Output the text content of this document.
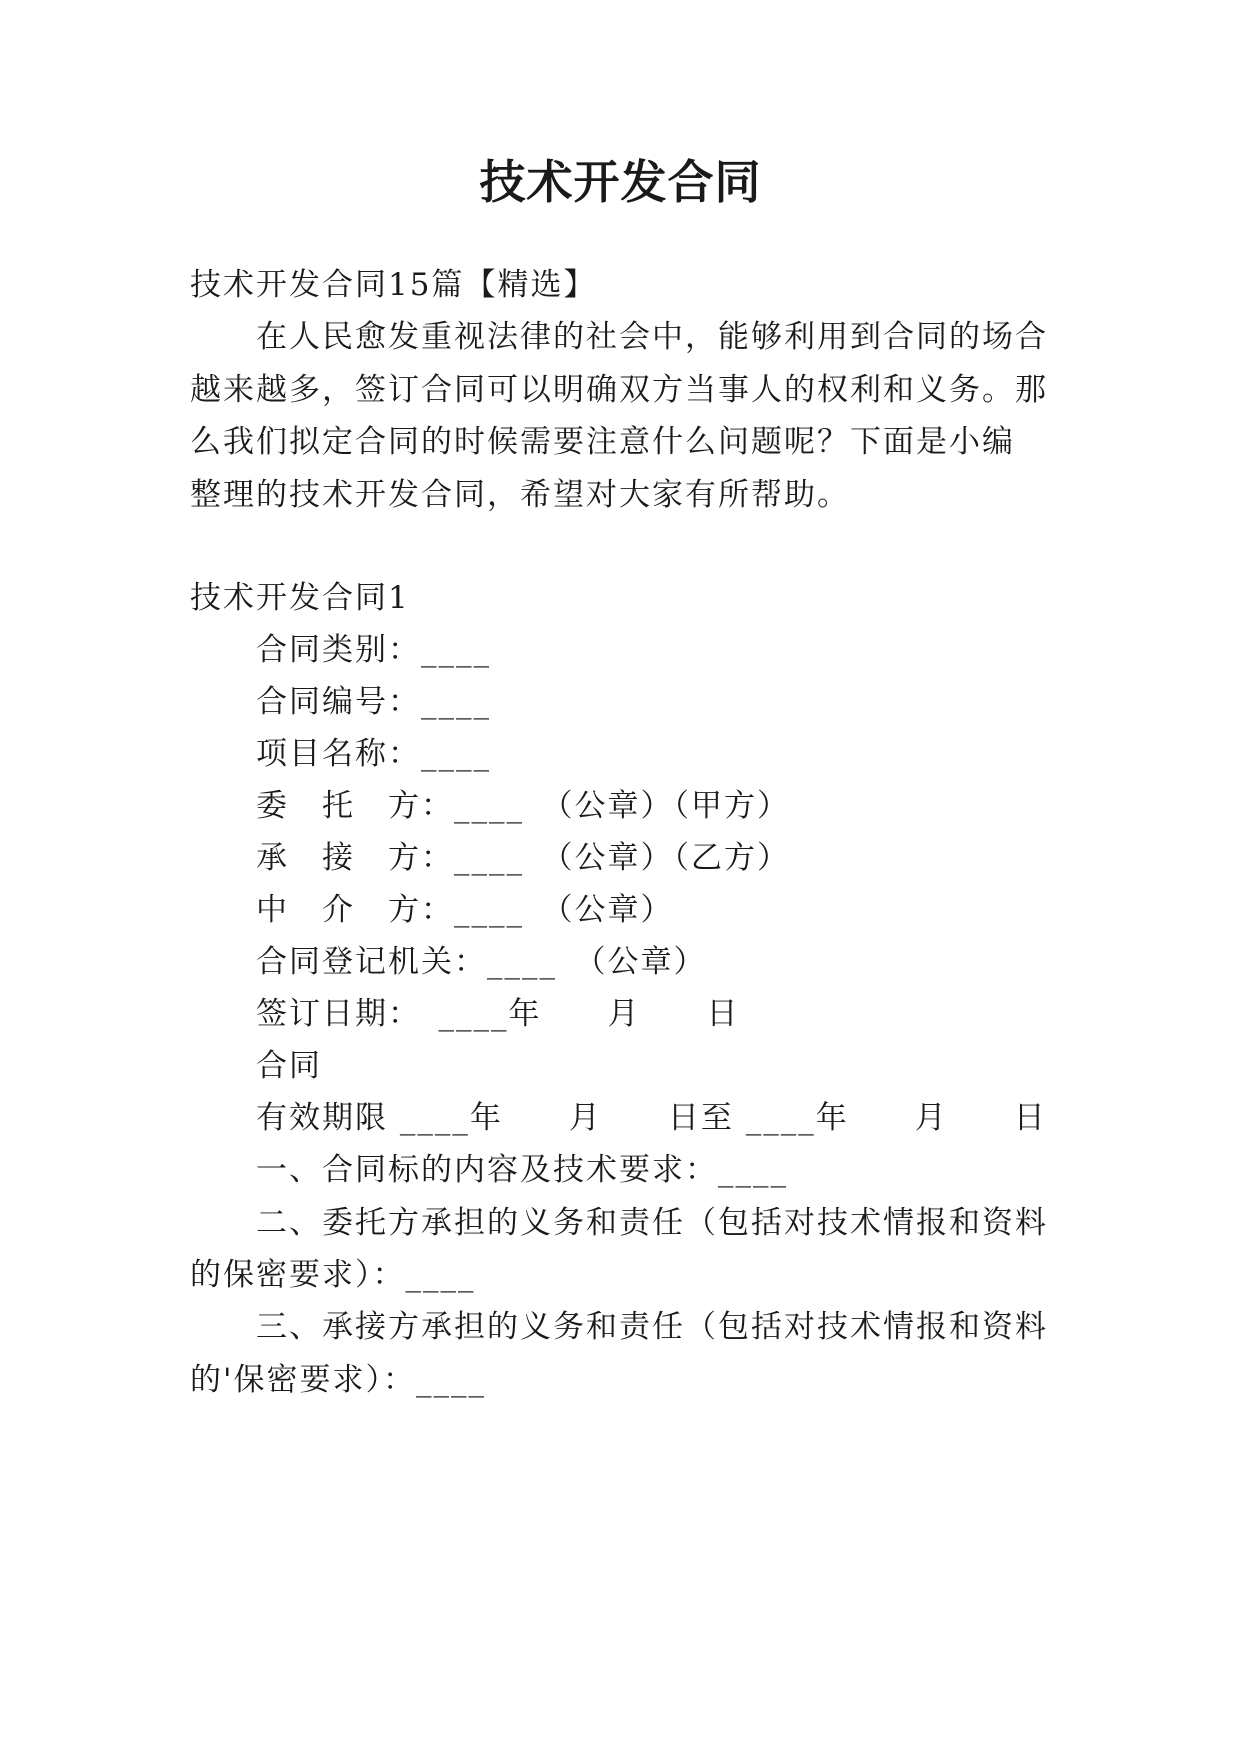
技术开发合同

技术开发合同15篇【精选】

在人民愈发重视法律的社会中，能够利用到合同的场合

越来越多，签订合同可以明确双方当事人的权利和义务。那

么我们拟定合同的时候需要注意什么问题呢？下面是小编

整理的技术开发合同，希望对大家有所帮助。

技术开发合同1

合同类别：____

合同编号：____

项目名称：____

委　托　方：____　（公章）（甲方）

承　接　方：____　（公章）（乙方）

中　介　方：____　（公章）

合同登记机关：____　（公章）

签订日期：　____年　　月　　日

合同

有效期限 ____年　　月　　日至 ____年　　月　　日

一、合同标的内容及技术要求：____

二、委托方承担的义务和责任（包括对技术情报和资料

的保密要求）：____

三、承接方承担的义务和责任（包括对技术情报和资料

的'保密要求）：____
